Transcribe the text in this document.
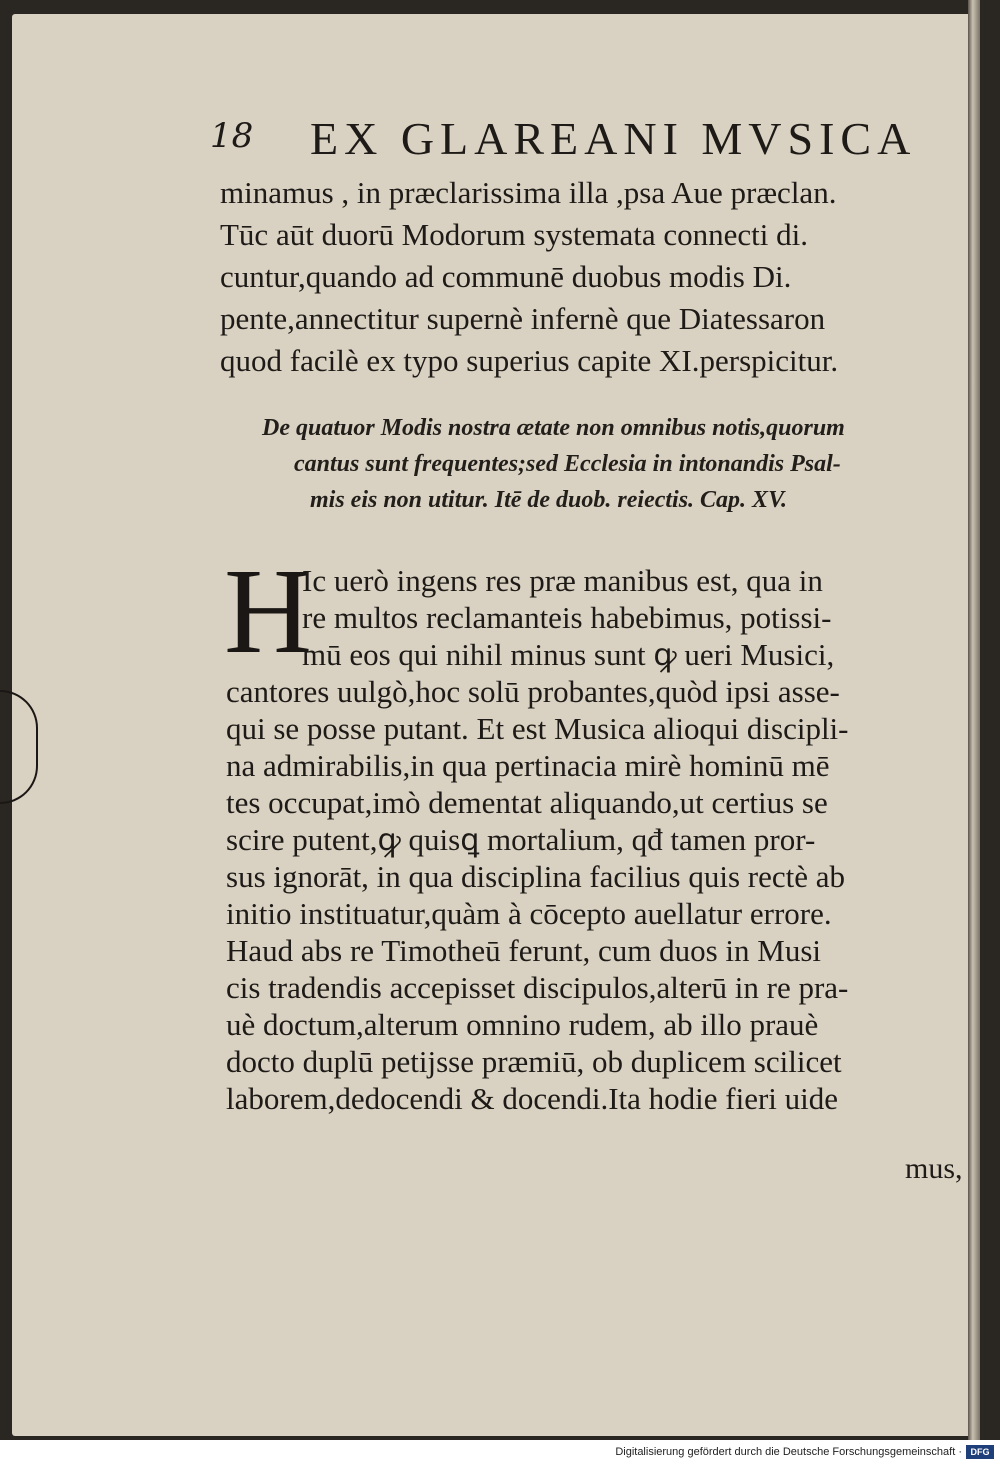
18 EX GLAREANI MVSICA
minamus , in præclarissima illa ,psa Aue præclan.
Tūc aūt duorū Modorum systemata connecti di.
cuntur,quando ad communē duobus modis Di.
pente,annectitur supernè infernè que Diatessaron
quod facilè ex typo superius capite XI.perspicitur.
De quatuor Modis nostra ætate non omnibus notis,quorum
cantus sunt frequentes;sed Ecclesia in intonandis Psal-
mis eis non utitur. Itē de duob. reiectis. Cap. XV.
H
Ic uerò ingens res præ manibus est, qua in
re multos reclamanteis habebimus, potissi-
mū eos qui nihil minus sunt ꝙ ueri Musici,
cantores uulgò,hoc solū probantes,quòd ipsi asse-
qui se posse putant. Et est Musica alioqui discipli-
na admirabilis,in qua pertinacia mirè hominū mē
tes occupat,imò dementat aliquando,ut certius se
scire putent,ꝙ quisꝗ mortalium, qđ tamen pror-
sus ignorāt, in qua disciplina facilius quis rectè ab
initio instituatur,quàm à cōcepto auellatur errore.
Haud abs re Timotheū ferunt, cum duos in Musi
cis tradendis accepisset discipulos,alterū in re pra-
uè doctum,alterum omnino rudem, ab illo prauè
docto duplū petijsse præmiū, ob duplicem scilicet
laborem,dedocendi & docendi.Ita hodie fieri uide
mus,
Digitalisierung gefördert durch die Deutsche Forschungsgemeinschaft · DFG
